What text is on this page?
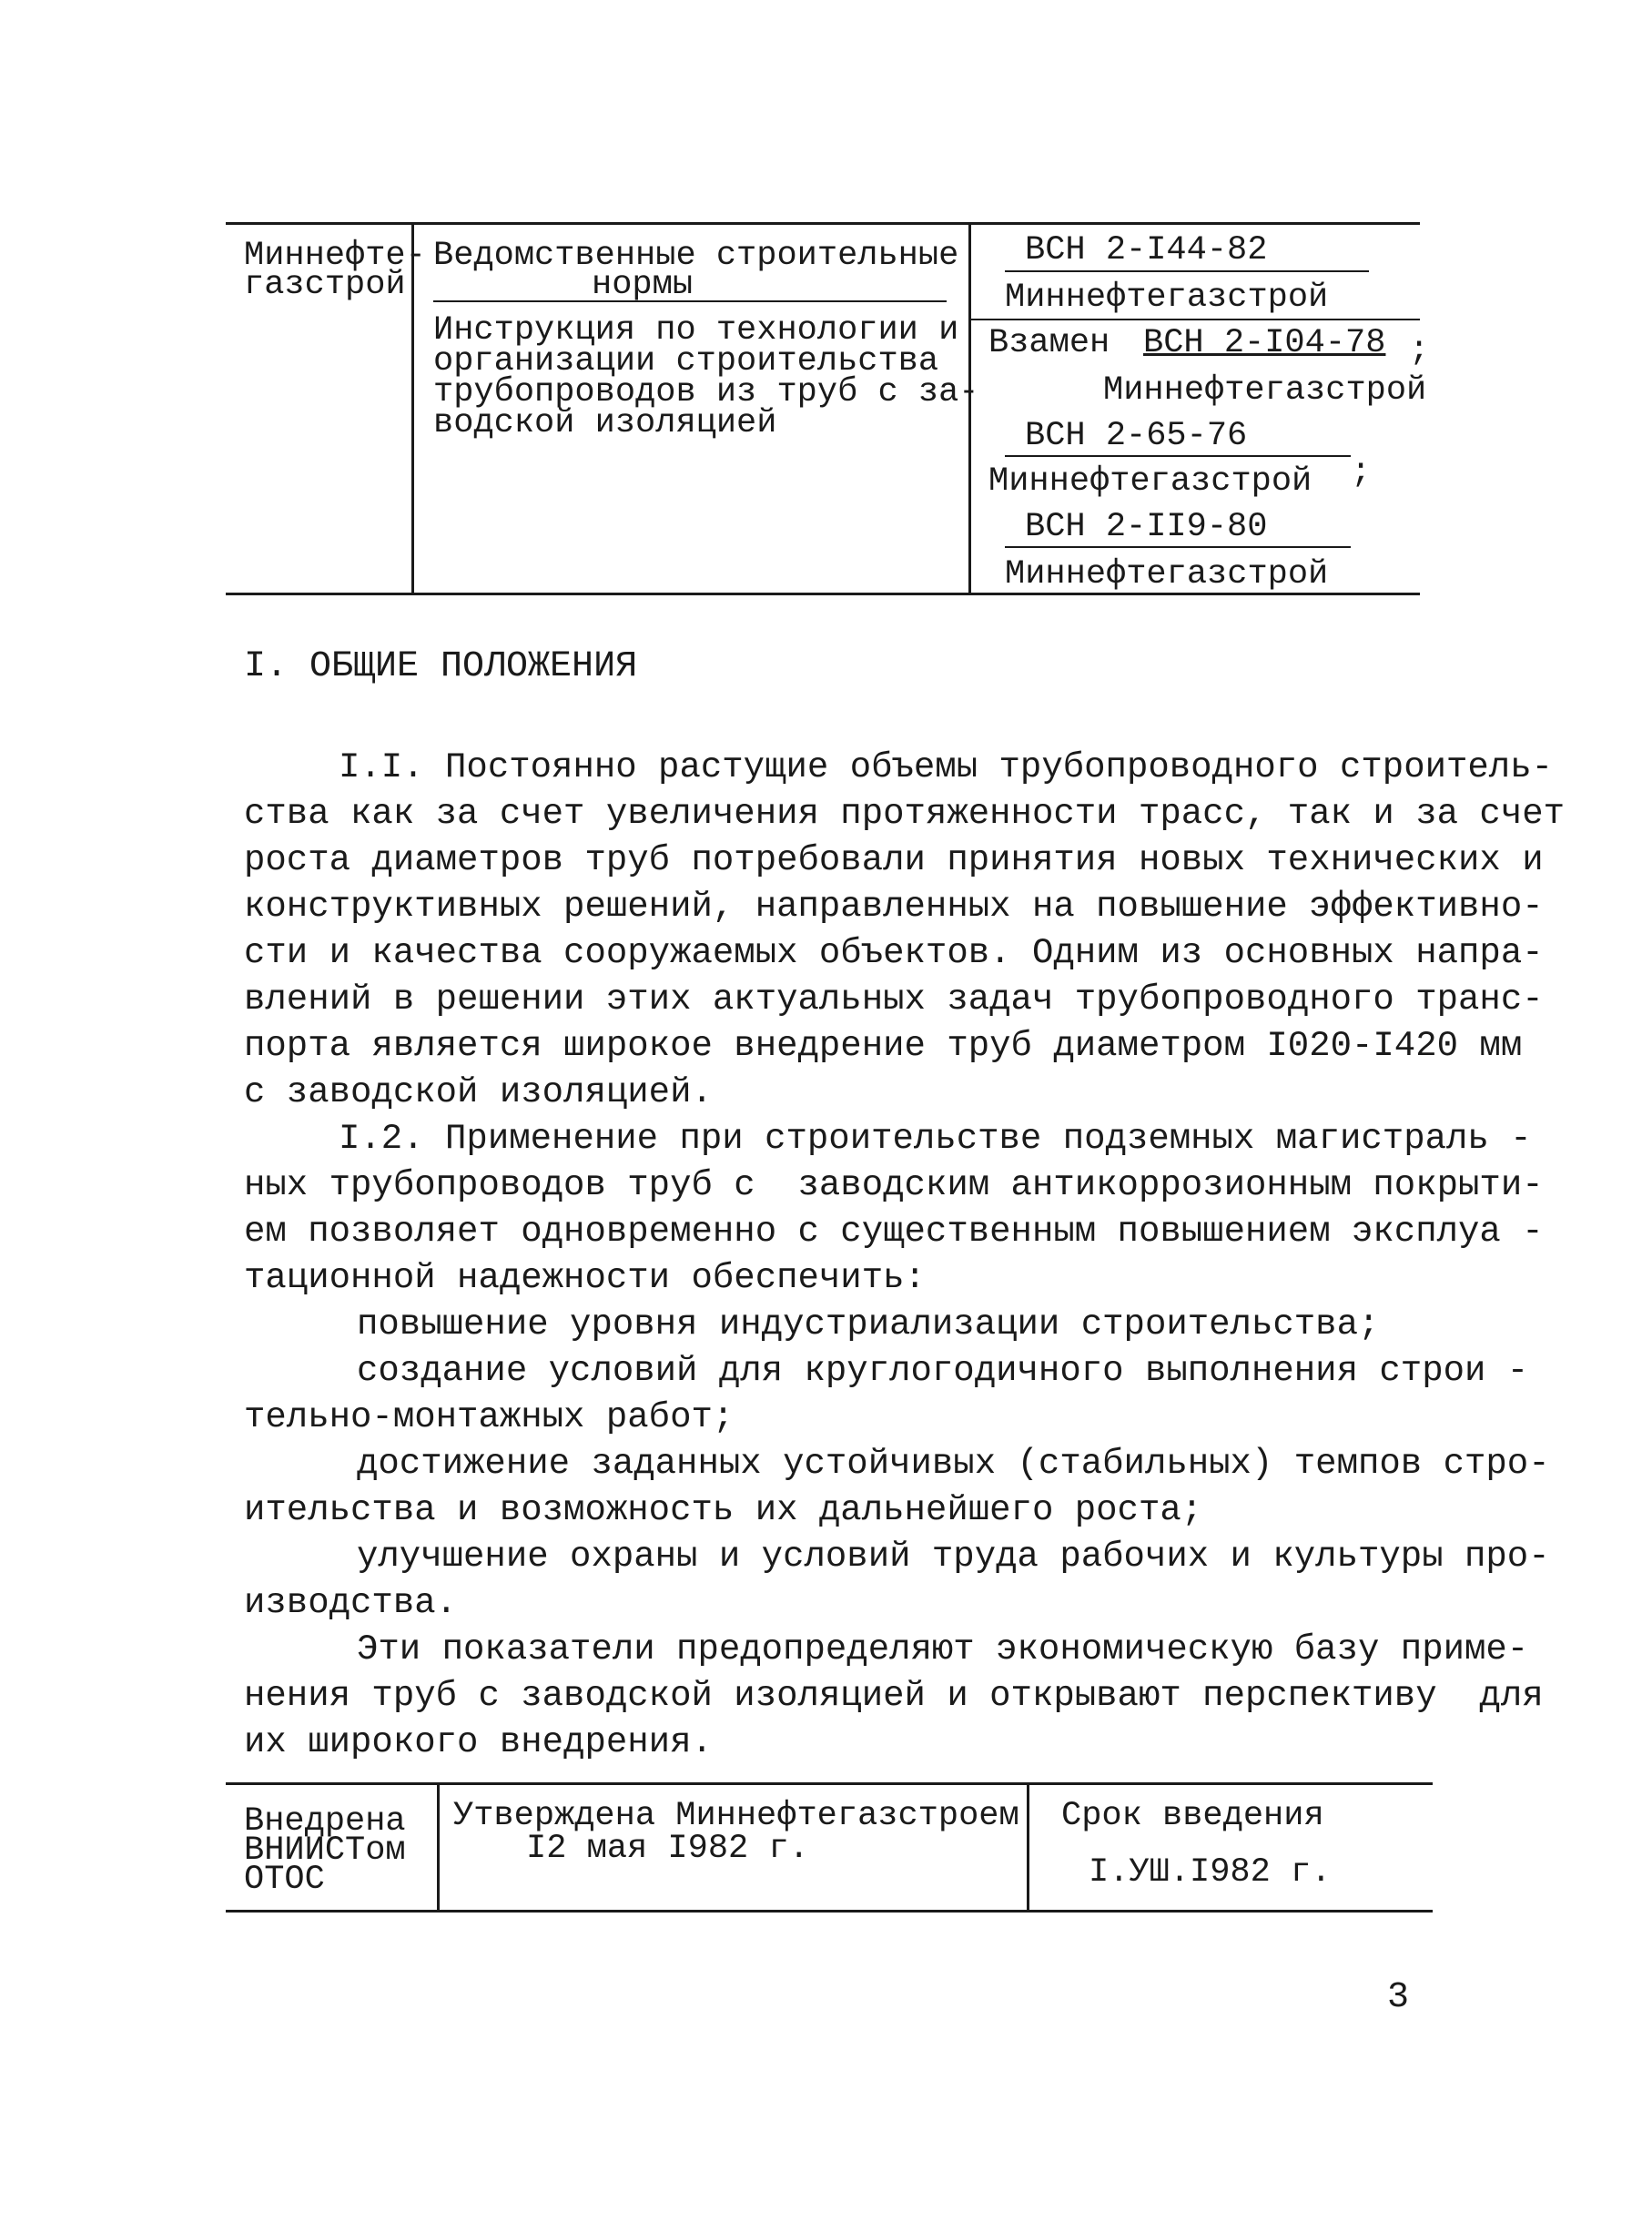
Миннефте-
газстрой
Ведомственные строительные
нормы
Инструкция по технологии и
организации строительства
трубопроводов из труб с за-
водской изоляцией
ВСН 2-I44-82
Миннефтегазстрой
Взамен ВСН 2-I04-78 ;
Миннефтегазстрой
ВСН 2-65-76
Миннефтегазстрой ;
ВСН 2-II9-80
Миннефтегазстрой
I. ОБЩИЕ ПОЛОЖЕНИЯ
I.I. Постоянно растущие объемы трубопроводного строитель-
ства как за счет увеличения протяженности трасс, так и за счет
роста диаметров труб потребовали принятия новых технических и
конструктивных решений, направленных на повышение эффективно-
сти и качества сооружаемых объектов. Одним из основных напра-
влений в решении этих актуальных задач трубопроводного транс-
порта является широкое внедрение труб диаметром I020-I420 мм
с заводской изоляцией.
I.2. Применение при строительстве подземных магистраль -
ных трубопроводов труб с  заводским антикоррозионным покрыти-
ем позволяет одновременно с существенным повышением эксплуа -
тационной надежности обеспечить:
повышение уровня индустриализации строительства;
создание условий для круглогодичного выполнения строи -
тельно-монтажных работ;
достижение заданных устойчивых (стабильных) темпов стро-
ительства и возможность их дальнейшего роста;
улучшение охраны и условий труда рабочих и культуры про-
изводства.
Эти показатели предопределяют экономическую базу приме-
нения труб с заводской изоляцией и открывают перспективу  для
их широкого внедрения.
Внедрена
ВНИИСТом
ОТОС
Утверждена Миннефтегазстроем
I2 мая I982 г.
Срок введения
I.УШ.I982 г.
3
